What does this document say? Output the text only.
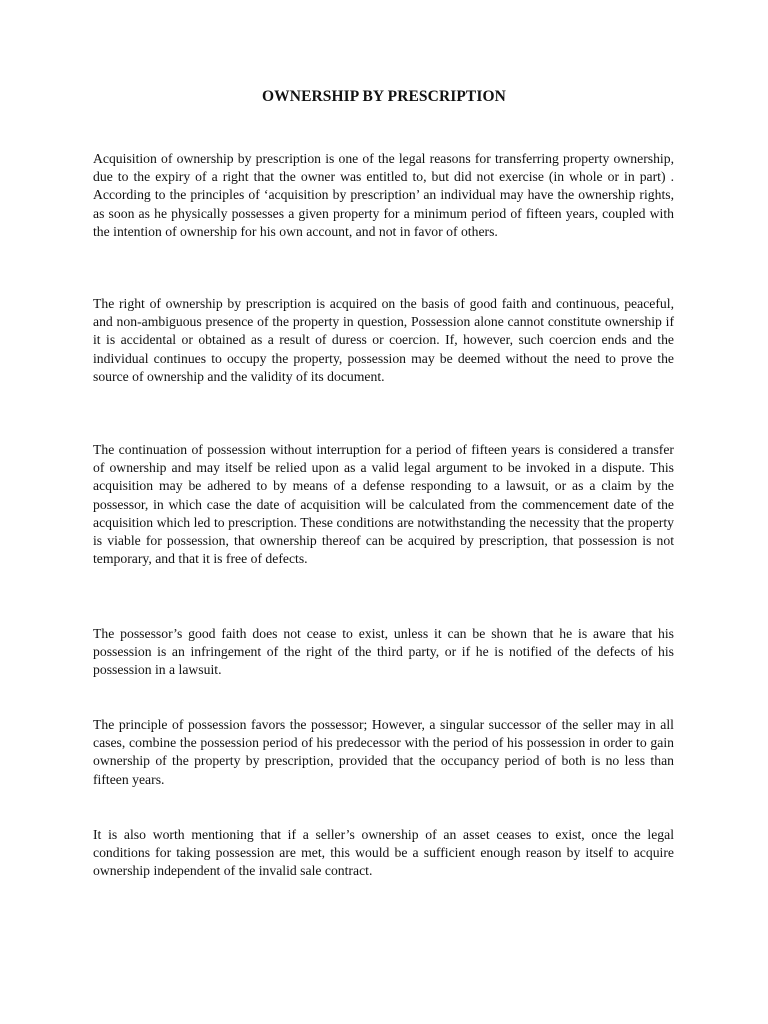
OWNERSHIP BY PRESCRIPTION

Acquisition of ownership by prescription is one of the legal reasons for transferring property ownership, due to the expiry of a right that the owner was entitled to, but did not exercise (in whole or in part) . According to the principles of ‘acquisition by prescription’ an individual may have the ownership rights, as soon as he physically possesses a given property for a minimum period of fifteen years, coupled with the intention of ownership for his own account, and not in favor of others.

The right of ownership by prescription is acquired on the basis of good faith and continuous, peaceful, and non-ambiguous presence of the property in question, Possession alone cannot constitute ownership if it is accidental or obtained as a result of duress or coercion. If, however, such coercion ends and the individual continues to occupy the property, possession may be deemed without the need to prove the source of ownership and the validity of its document.

The continuation of possession without interruption for a period of fifteen years is considered a transfer of ownership and may itself be relied upon as a valid legal argument to be invoked in a dispute. This acquisition may be adhered to by means of a defense responding to a lawsuit, or as a claim by the possessor, in which case the date of acquisition will be calculated from the commencement date of the acquisition which led to prescription. These conditions are notwithstanding the necessity that the property is viable for possession, that ownership thereof can be acquired by prescription, that possession is not temporary, and that it is free of defects.

The possessor’s good faith does not cease to exist, unless it can be shown that he is aware that his possession is an infringement of the right of the third party, or if he is notified of the defects of his possession in a lawsuit.

The principle of possession favors the possessor; However, a singular successor of the seller may in all cases, combine the possession period of his predecessor with the period of his possession in order to gain ownership of the property by prescription, provided that the occupancy period of both is no less than fifteen years.

It is also worth mentioning that if a seller’s ownership of an asset ceases to exist, once the legal conditions for taking possession are met, this would be a sufficient enough reason by itself to acquire ownership independent of the invalid sale contract.
